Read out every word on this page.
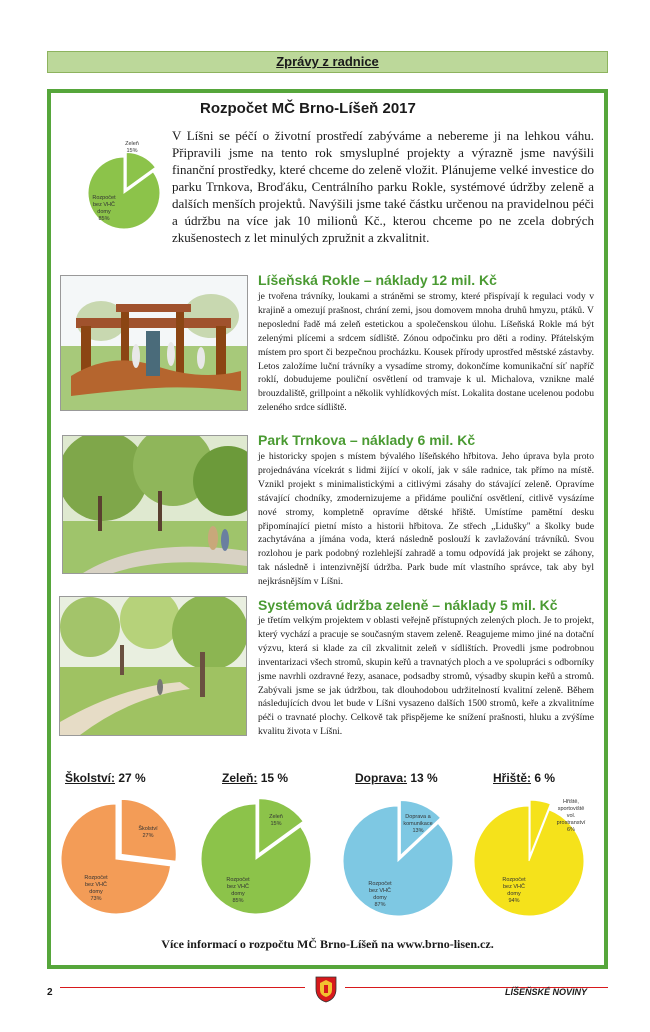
Zprávy z radnice
Rozpočet MČ Brno-Líšeň 2017
Zeleň
15%
Rozpočet
bez VHČ
domy
85%
V Líšni se péčí o životní prostředí zabýváme a nebereme ji na lehkou váhu. Připravili jsme na tento rok smysluplné projekty a výrazně jsme navýšili finanční prostředky, které chceme do zeleně vložit. Plánujeme velké investice do parku Trnkova, Broďáku, Centrálního parku Rokle, systémové údržby zeleně a dalších menších projektů. Navýšili jsme také částku určenou na pravidelnou péči a údržbu na více jak 10 milionů Kč., kterou chceme po ne zcela dobrých zkušenostech z let minulých zpružnit a zkvalitnit.
Líšeňská Rokle – náklady 12 mil. Kč
je tvořena trávníky, loukami a stráněmi se stromy, které přispívají k regulaci vody v krajině a omezují prašnost, chrání zemi, jsou domovem mnoha druhů hmyzu, ptáků. V neposlední řadě má zeleň estetickou a společenskou úlohu. Líšeňská Rokle má být zelenými plícemi a srdcem sídliště. Zónou odpočinku pro děti a rodiny. Přátelským místem pro sport či bezpečnou procházku. Kousek přírody uprostřed městské zástavby. Letos založíme luční trávníky a vysadíme stromy, dokončíme komunikační síť napříč roklí, dobudujeme pouliční osvětlení od tramvaje k ul. Michalova, vznikne malé brouzdaliště, grillpoint a několik vyhlídkových míst. Lokalita dostane ucelenou podobu zeleného srdce sídliště.
Park Trnkova – náklady 6 mil. Kč
je historicky spojen s místem bývalého líšeňského hřbitova. Jeho úprava byla proto projednávána vícekrát s lidmi žijící v okolí, jak v sále radnice, tak přímo na místě. Vznikl projekt s minimalistickými a citlivými zásahy do stávající zeleně. Opravíme stávající chodníky, zmodernizujeme a přidáme pouliční osvětlení, citlivě vysázíme nové stromy, kompletně opravíme dětské hřiště. Umístíme pamětní desku připomínající pietní místo a historii hřbitova. Ze střech „Lidušky" a školky bude zachytávána a jímána voda, která následně poslouží k zavlažování trávníků. Svou rozlohou je park podobný rozlehlejší zahradě a tomu odpovídá jak projekt se záhony, tak následně i intenzivnější údržba. Park bude mít vlastního správce, tak aby byl nejkrásnějším v Líšni.
Systémová údržba zeleně – náklady 5 mil. Kč
je třetím velkým projektem v oblasti veřejně přístupných zelených ploch. Je to projekt, který vychází a pracuje se současným stavem zeleně. Reagujeme mimo jiné na dotační výzvu, která si klade za cíl zkvalitnit zeleň v sídlištích. Provedli jsme podrobnou inventarizaci všech stromů, skupin keřů a travnatých ploch a ve spolupráci s odborníky jsme navrhli ozdravné řezy, asanace, podsadby stromů, výsadby skupin keřů a stromů. Zabývali jsme se jak údržbou, tak dlouhodobou udržitelností kvalitní zeleně. Během následujících dvou let bude v Líšni vysazeno dalších 1500 stromů, keře a zkvalitníme péči o travnaté plochy. Celkově tak přispějeme ke snížení prašnosti, hluku a zvýšíme kvalitu života v Líšni.
Školství: 27 %	Zeleň: 15 %	Doprava: 13 %	Hřiště: 6 %
Školství
27%
Rozpočet
bez VHČ
domy
73%
Zeleň
15%
Rozpočet
bez VHČ
domy
85%
Doprava a
komunikace
13%
Rozpočet
bez VHČ
domy
87%
Hřiště,
sportoviště
vol.
prostranství
6%
Rozpočet
bez VHČ
domy
94%
Více informací o rozpočtu MČ Brno-Líšeň na www.brno-lisen.cz.
2	LÍŠEŇSKÉ NOVINY
